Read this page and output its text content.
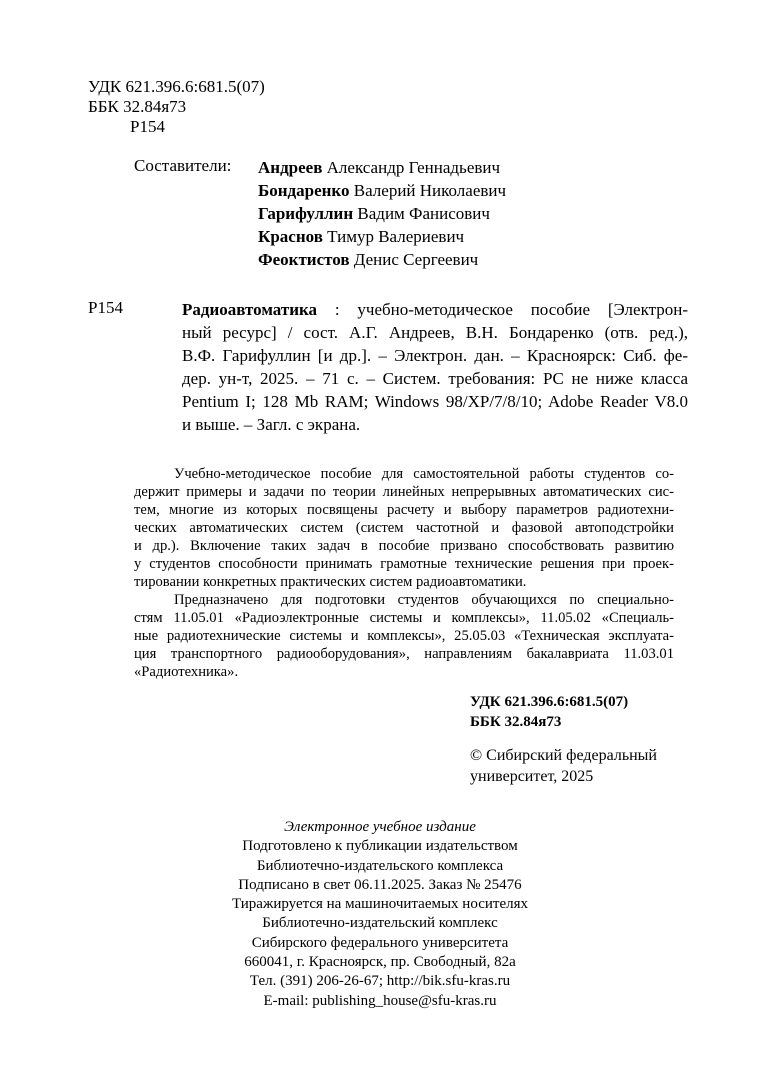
УДК 621.396.6:681.5(07)
ББК 32.84я73
Р154
Составители: Андреев Александр Геннадьевич
Бондаренко Валерий Николаевич
Гарифуллин Вадим Фанисович
Краснов Тимур Валериевич
Феоктистов Денис Сергеевич
Р154	Радиоавтоматика : учебно-методическое пособие [Электрон-
ный ресурс] / сост. А.Г. Андреев, В.Н. Бондаренко (отв. ред.),
В.Ф. Гарифуллин [и др.]. – Электрон. дан. – Красноярск: Сиб. фе-
дер. ун-т, 2025. – 71 с. – Систем. требования: PC не ниже класса
Pentium I; 128 Mb RAM; Windows 98/XP/7/8/10; Adobe Reader V8.0
и выше. – Загл. с экрана.
Учебно-методическое пособие для самостоятельной работы студентов со-
держит примеры и задачи по теории линейных непрерывных автоматических сис-
тем, многие из которых посвящены расчету и выбору параметров радиотехни-
ческих автоматических систем (систем частотной и фазовой автоподстройки
и др.). Включение таких задач в пособие призвано способствовать развитию
у студентов способности принимать грамотные технические решения при проек-
тировании конкретных практических систем радиоавтоматики.
Предназначено для подготовки студентов обучающихся по специально-
стям 11.05.01 «Радиоэлектронные системы и комплексы», 11.05.02 «Специаль-
ные радиотехнические системы и комплексы», 25.05.03 «Техническая эксплуата-
ция транспортного радиооборудования», направлениям бакалавриата 11.03.01
«Радиотехника».
УДК 621.396.6:681.5(07)
ББК 32.84я73
© Сибирский федеральный
университет, 2025
Электронное учебное издание
Подготовлено к публикации издательством
Библиотечно-издательского комплекса
Подписано в свет 06.11.2025. Заказ № 25476
Тиражируется на машиночитаемых носителях
Библиотечно-издательский комплекс
Сибирского федерального университета
660041, г. Красноярск, пр. Свободный, 82а
Тел. (391) 206-26-67; http://bik.sfu-kras.ru
E-mail: publishing_house@sfu-kras.ru
